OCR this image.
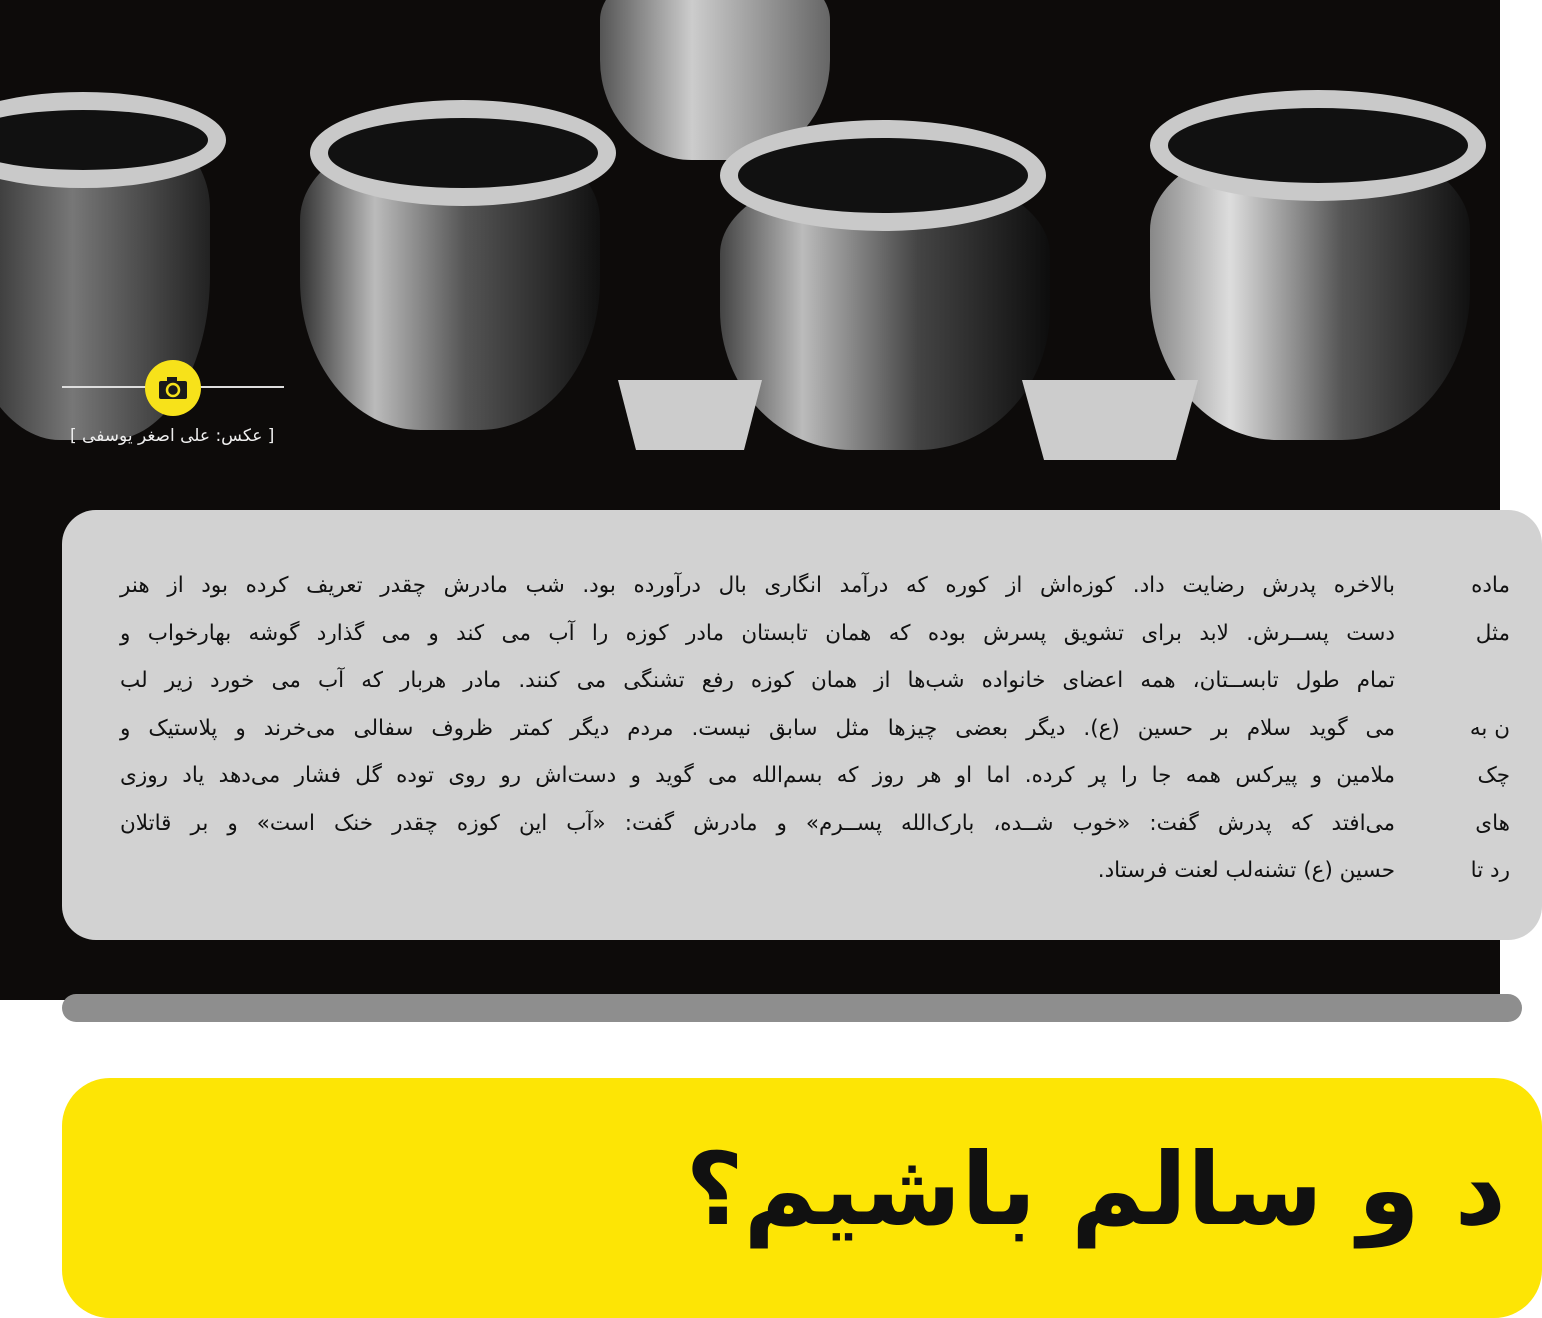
[ عکس: علی اصغر یوسفی ]
بالاخره پدرش رضایت داد. کوزه‌اش از کوره که درآمد انگاری بال درآورده بود. شب مادرش چقدر تعریف کرده بود از هنر
دست پســرش. لابد برای تشویق پسرش بوده که همان تابستان مادر کوزه را آب می کند و می گذارد گوشه بهارخواب و
تمام طول تابســتان، همه اعضای خانواده شب‌ها از همان کوزه رفع تشنگی می کنند. مادر هربار که آب می خورد زیر لب
می گوید سلام بر حسین (ع). دیگر بعضی چیزها مثل سابق نیست. مردم دیگر کمتر ظروف سفالی می‌خرند و پلاستیک و
ملامین و پیرکس همه جا را پر کرده. اما او هر روز که بسم‌الله می گوید و دست‌اش رو روی توده گل فشار می‌دهد یاد روزی
می‌افتد که پدرش گفت: «خوب شــده، بارک‌الله پســرم» و مادرش گفت: «آب این کوزه چقدر خنک است» و بر قاتلان
حسین (ع) تشنه‌لب لعنت فرستاد.
ماده
مثل
ن به
چک
های
رد تا
د و سالم باشیم؟
